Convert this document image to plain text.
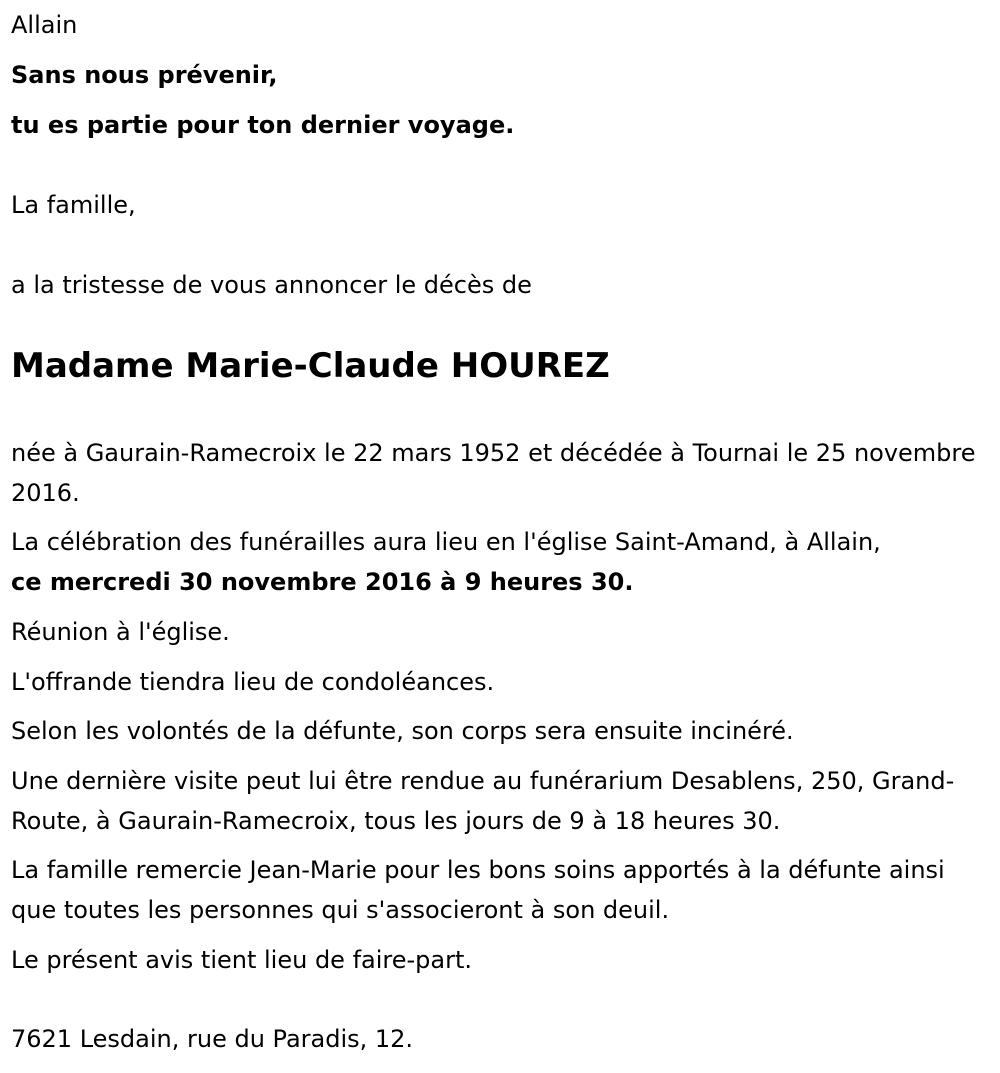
Allain

Sans nous prévenir,

tu es partie pour ton dernier voyage.

La famille,

a la tristesse de vous annoncer le décès de

Madame Marie-Claude HOUREZ

née à Gaurain-Ramecroix le 22 mars 1952 et décédée à Tournai le 25 novembre 2016.

La célébration des funérailles aura lieu en l'église Saint-Amand, à Allain,

ce mercredi 30 novembre 2016 à 9 heures 30.

Réunion à l'église.

L'offrande tiendra lieu de condoléances.

Selon les volontés de la défunte, son corps sera ensuite incinéré.

Une dernière visite peut lui être rendue au funérarium Desablens, 250, Grand-Route, à Gaurain-Ramecroix, tous les jours de 9 à 18 heures 30.

La famille remercie Jean-Marie pour les bons soins apportés à la défunte ainsi que toutes les personnes qui s'associeront à son deuil.

Le présent avis tient lieu de faire-part.

7621 Lesdain, rue du Paradis, 12.
